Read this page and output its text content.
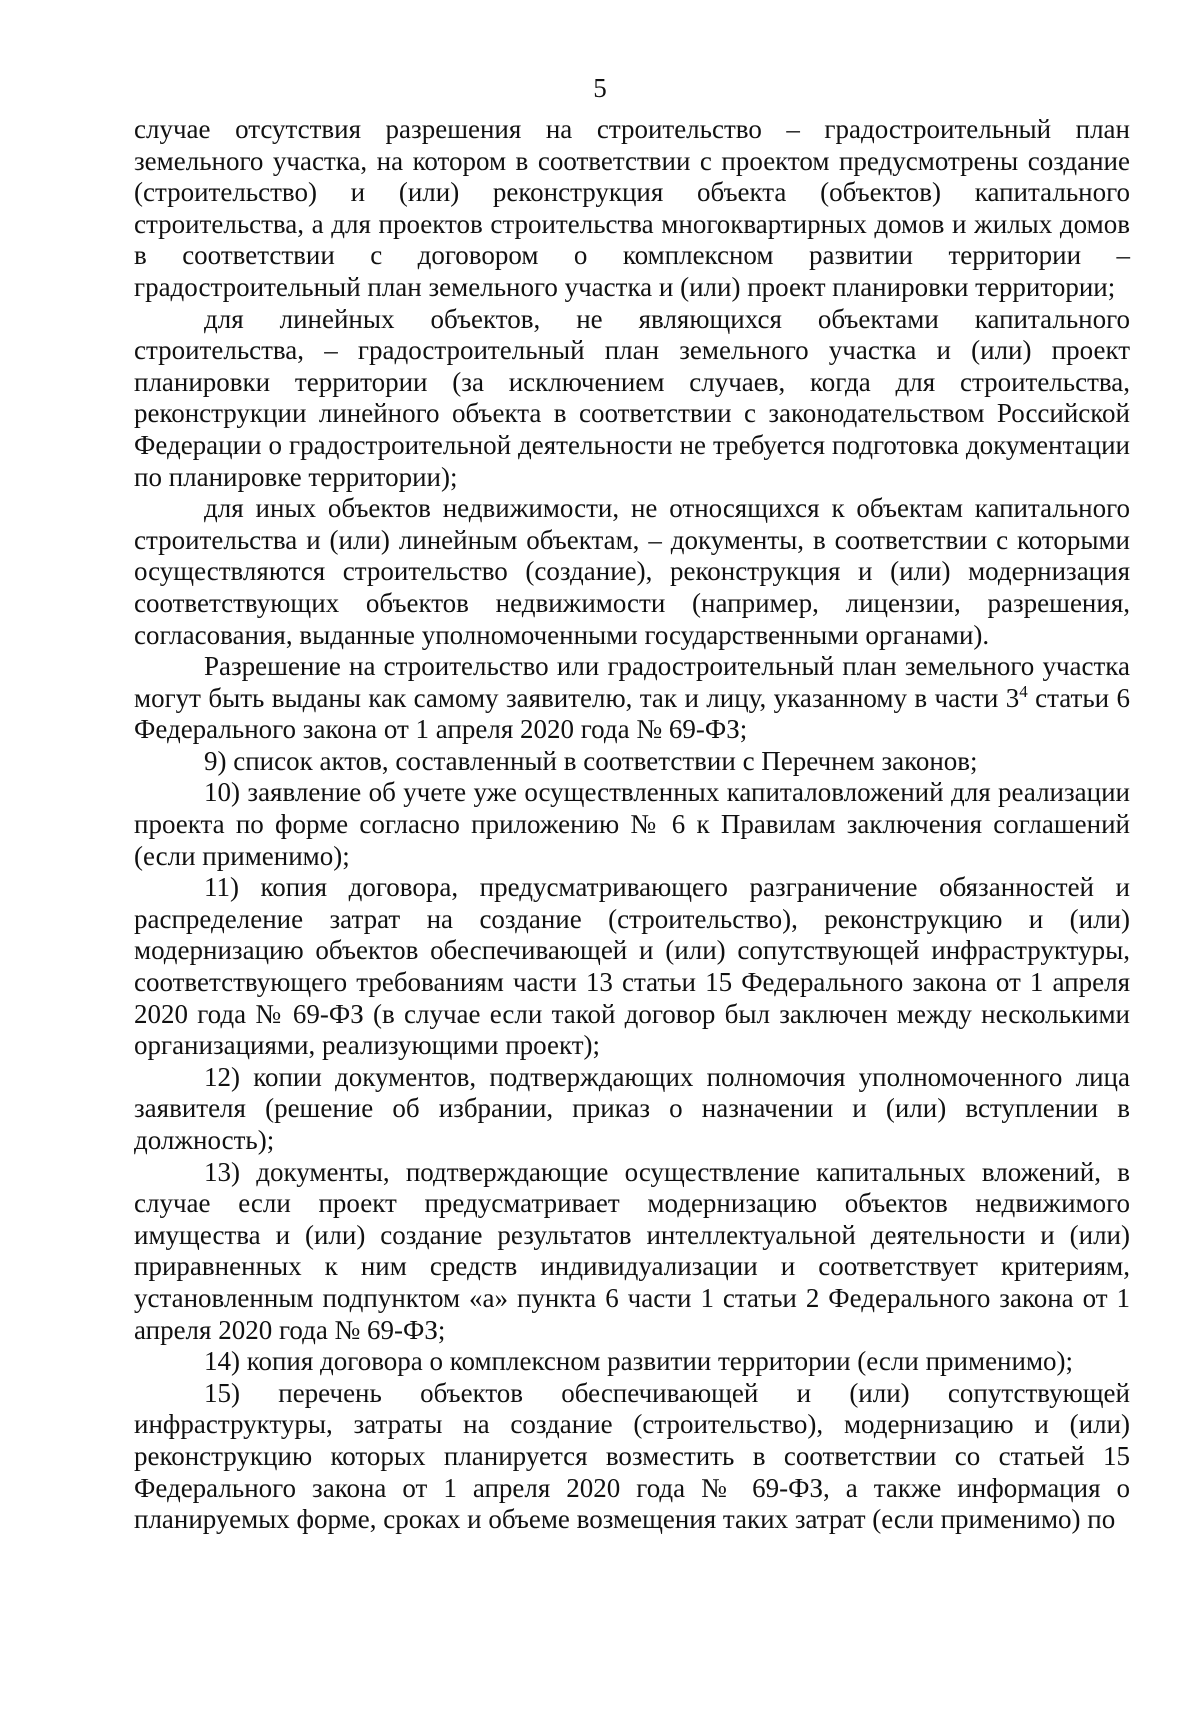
5

случае отсутствия разрешения на строительство – градостроительный план земельного участка, на котором в соответствии с проектом предусмотрены создание (строительство) и (или) реконструкция объекта (объектов) капитального строительства, а для проектов строительства многоквартирных домов и жилых домов в соответствии с договором о комплексном развитии территории – градостроительный план земельного участка и (или) проект планировки территории;

для линейных объектов, не являющихся объектами капитального строительства, – градостроительный план земельного участка и (или) проект планировки территории (за исключением случаев, когда для строительства, реконструкции линейного объекта в соответствии с законодательством Российской Федерации о градостроительной деятельности не требуется подготовка документации по планировке территории);

для иных объектов недвижимости, не относящихся к объектам капитального строительства и (или) линейным объектам, – документы, в соответствии с которыми осуществляются строительство (создание), реконструкция и (или) модернизация соответствующих объектов недвижимости (например, лицензии, разрешения, согласования, выданные уполномоченными государственными органами).

Разрешение на строительство или градостроительный план земельного участка могут быть выданы как самому заявителю, так и лицу, указанному в части $3^4$ статьи 6 Федерального закона от 1 апреля 2020 года № 69-ФЗ;

9) список актов, составленный в соответствии с Перечнем законов;

10) заявление об учете уже осуществленных капиталовложений для реализации проекта по форме согласно приложению № 6 к Правилам заключения соглашений (если применимо);

11) копия договора, предусматривающего разграничение обязанностей и распределение затрат на создание (строительство), реконструкцию и (или) модернизацию объектов обеспечивающей и (или) сопутствующей инфраструктуры, соответствующего требованиям части 13 статьи 15 Федерального закона от 1 апреля 2020 года № 69-ФЗ (в случае если такой договор был заключен между несколькими организациями, реализующими проект);

12) копии документов, подтверждающих полномочия уполномоченного лица заявителя (решение об избрании, приказ о назначении и (или) вступлении в должность);

13) документы, подтверждающие осуществление капитальных вложений, в случае если проект предусматривает модернизацию объектов недвижимого имущества и (или) создание результатов интеллектуальной деятельности и (или) приравненных к ним средств индивидуализации и соответствует критериям, установленным подпунктом «а» пункта 6 части 1 статьи 2 Федерального закона от 1 апреля 2020 года № 69-ФЗ;

14) копия договора о комплексном развитии территории (если применимо);

15) перечень объектов обеспечивающей и (или) сопутствующей инфраструктуры, затраты на создание (строительство), модернизацию и (или) реконструкцию которых планируется возместить в соответствии со статьей 15 Федерального закона от 1 апреля 2020 года № 69-ФЗ, а также информация о планируемых форме, сроках и объеме возмещения таких затрат (если применимо) по
